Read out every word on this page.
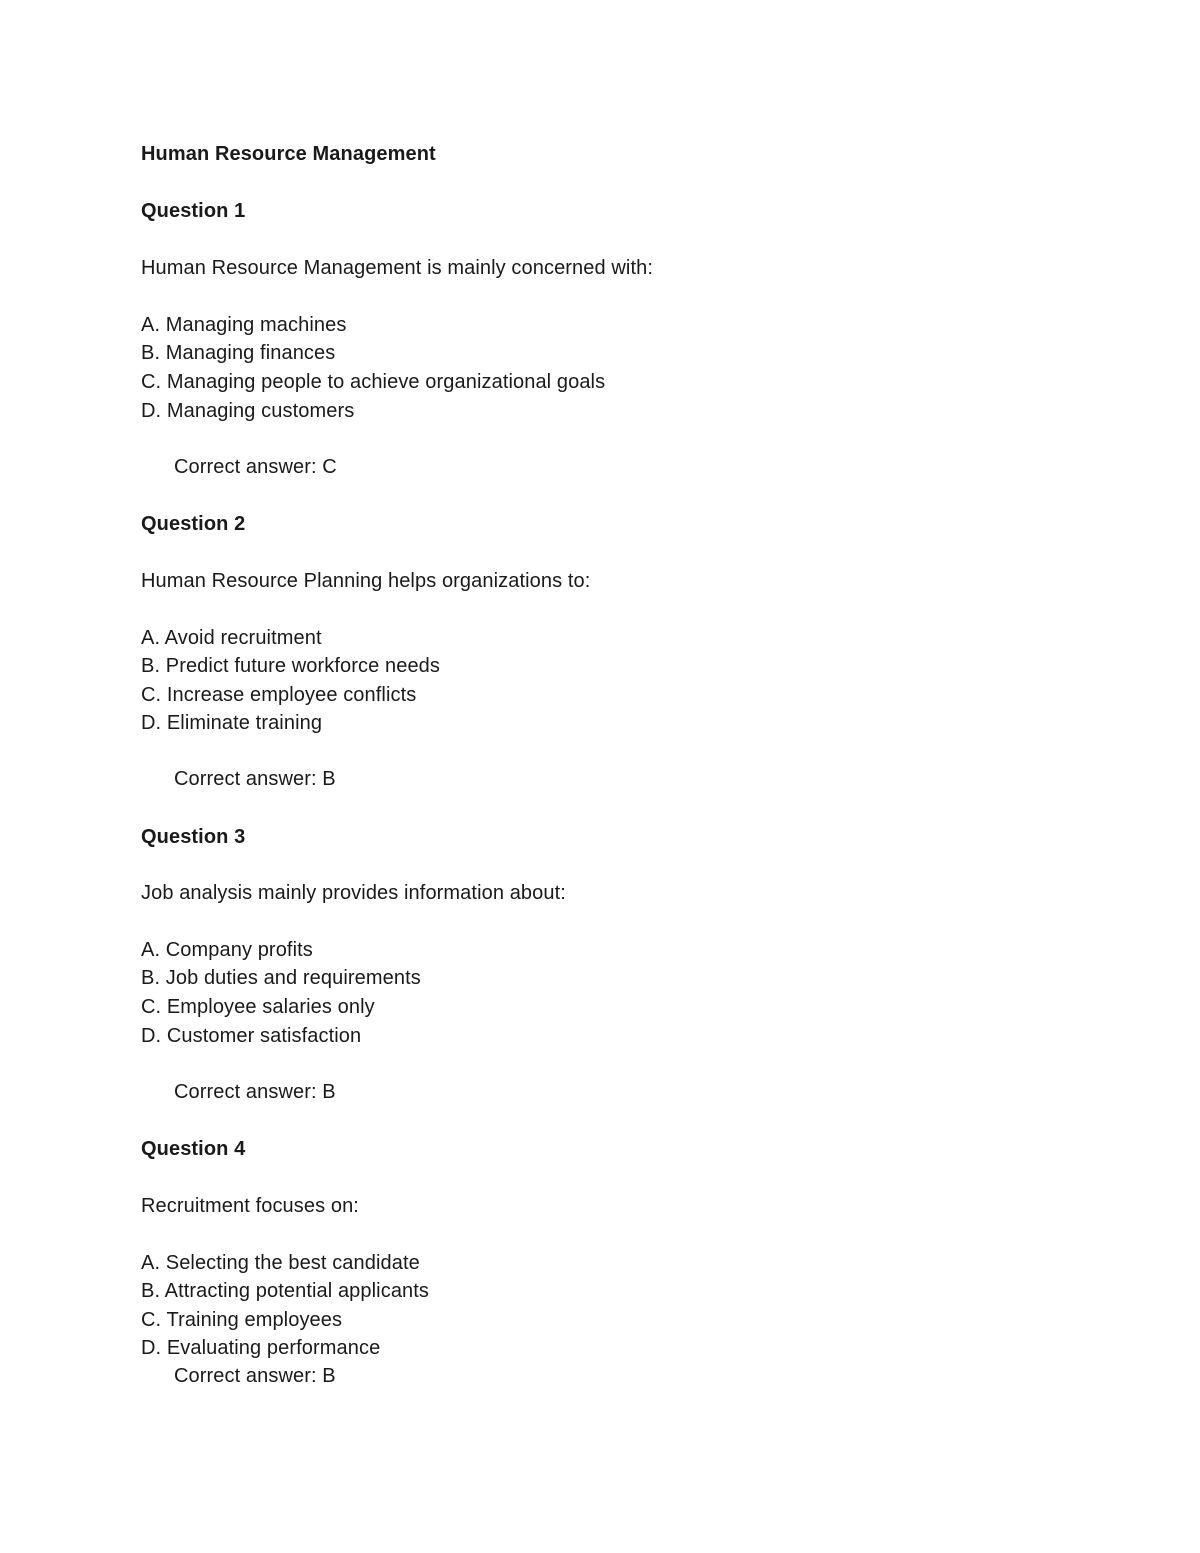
Human Resource Management
Question 1
Human Resource Management is mainly concerned with:
A. Managing machines
B. Managing finances
C. Managing people to achieve organizational goals
D. Managing customers
Correct answer: C
Question 2
Human Resource Planning helps organizations to:
A. Avoid recruitment
B. Predict future workforce needs
C. Increase employee conflicts
D. Eliminate training
Correct answer: B
Question 3
Job analysis mainly provides information about:
A. Company profits
B. Job duties and requirements
C. Employee salaries only
D. Customer satisfaction
Correct answer: B
Question 4
Recruitment focuses on:
A. Selecting the best candidate
B. Attracting potential applicants
C. Training employees
D. Evaluating performance
Correct answer: B
